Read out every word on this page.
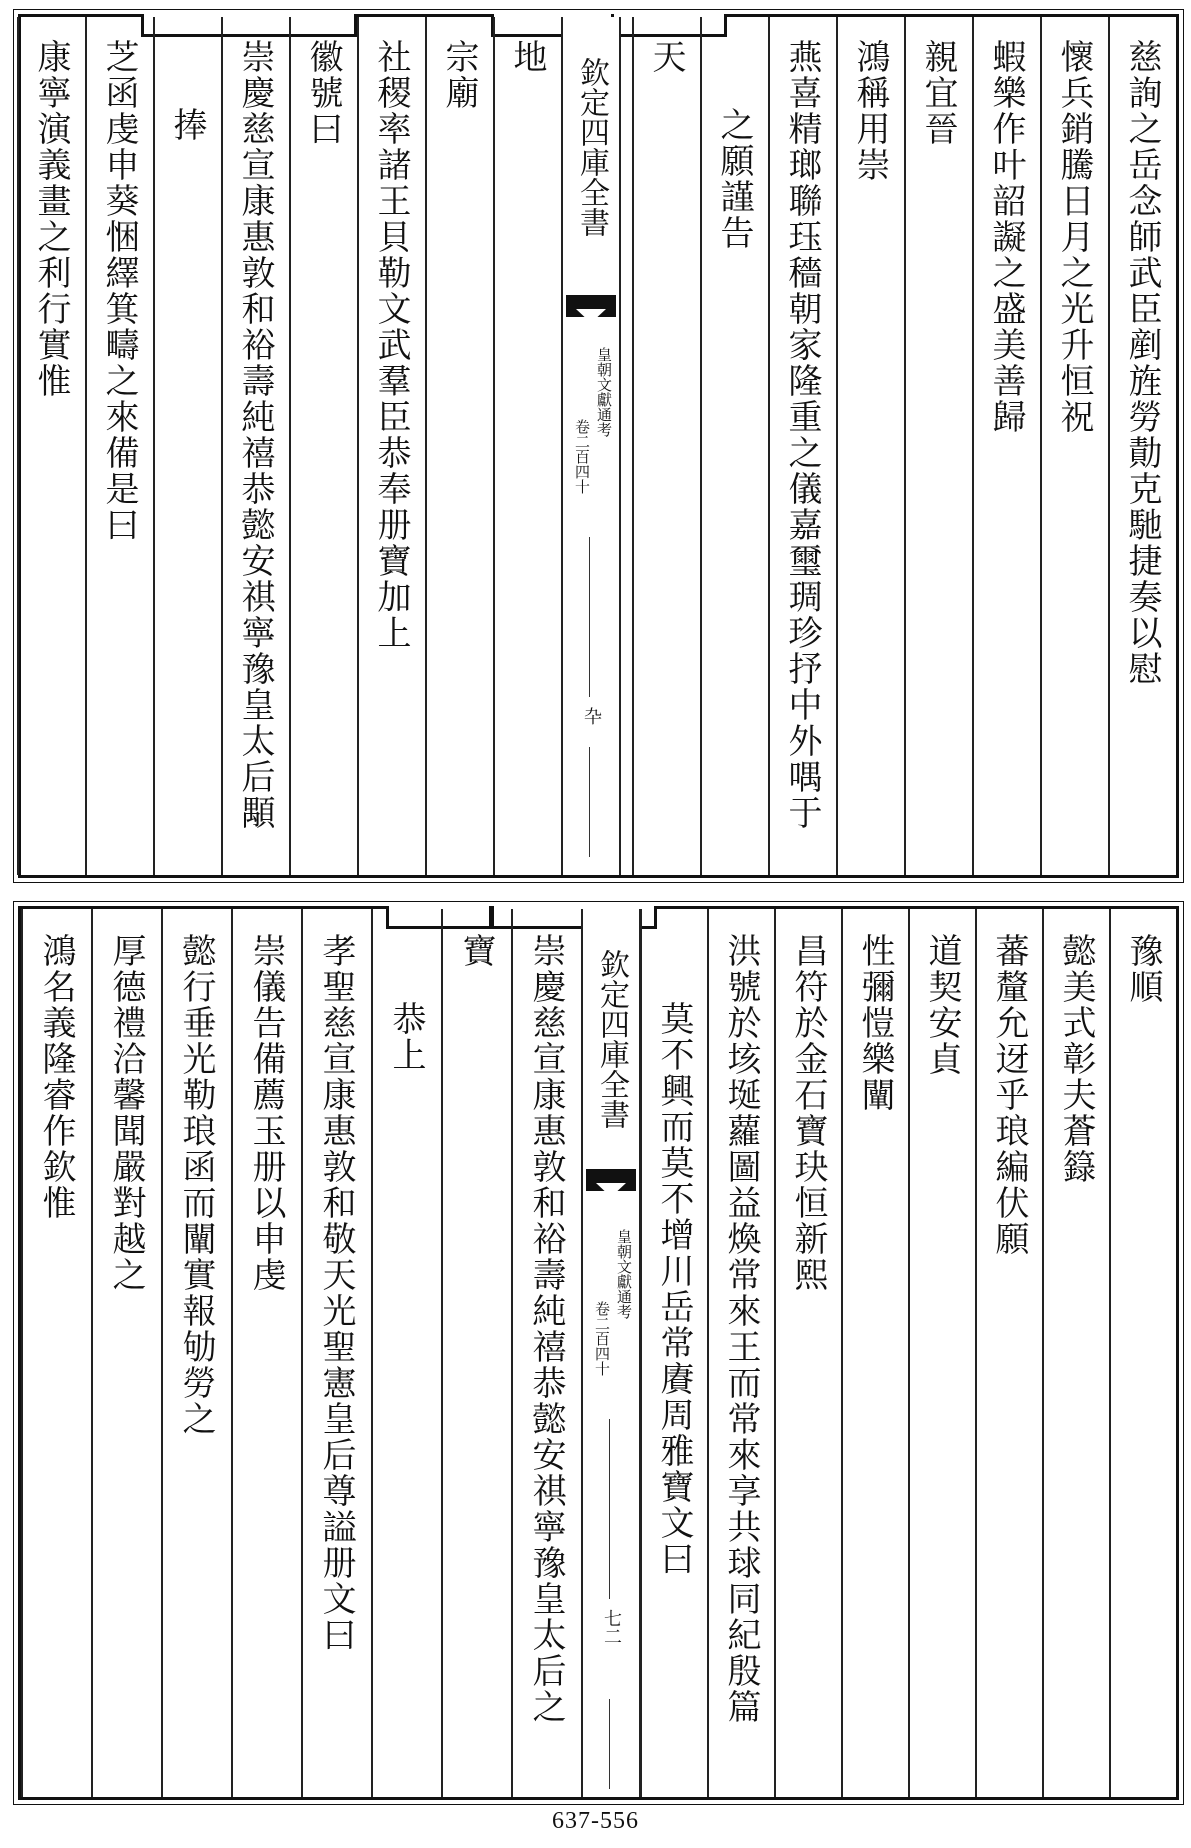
慈詢之岳念師武臣剷旌勞勣克馳捷奏以慰
懷兵銷騰日月之光升恒祝
蝦樂作叶韶譺之盛美善歸
親宜晉
鴻稱用崇
燕喜精瑯聯珏穡朝家隆重之儀嘉璽琱珍抒中外喁于
之願謹告
天
欽定四庫全書
皇朝文獻通考
卷二百四十
卆
地
宗廟
社稷率諸王貝勒文武羣臣恭奉册寶加上
徽號曰
崇慶慈宣康惠敦和裕壽純禧恭懿安祺寧豫皇太后顒
捧
芝函虔申葵悃繹箕疇之來備是曰
康寧演義畫之利行實惟
豫順
懿美式彰夫蒼籙
蕃釐允迓乎琅編伏願
道契安貞
性彌愷樂闡
昌符於金石寶玦恒新熙
洪號於垓埏蘿圖益煥常來王而常來享共球同紀殷篇
莫不興而莫不增川岳常賡周雅寶文曰
欽定四庫全書
皇朝文獻通考
卷二百四十
七二
崇慶慈宣康惠敦和裕壽純禧恭懿安祺寧豫皇太后之
寶
恭上
孝聖慈宣康惠敦和敬天光聖憲皇后尊謚册文曰
崇儀告備薦玉册以申虔
懿行垂光勒琅函而闡實報劬勞之
厚德禮洽馨聞嚴對越之
鴻名義隆睿作欽惟
637-556
